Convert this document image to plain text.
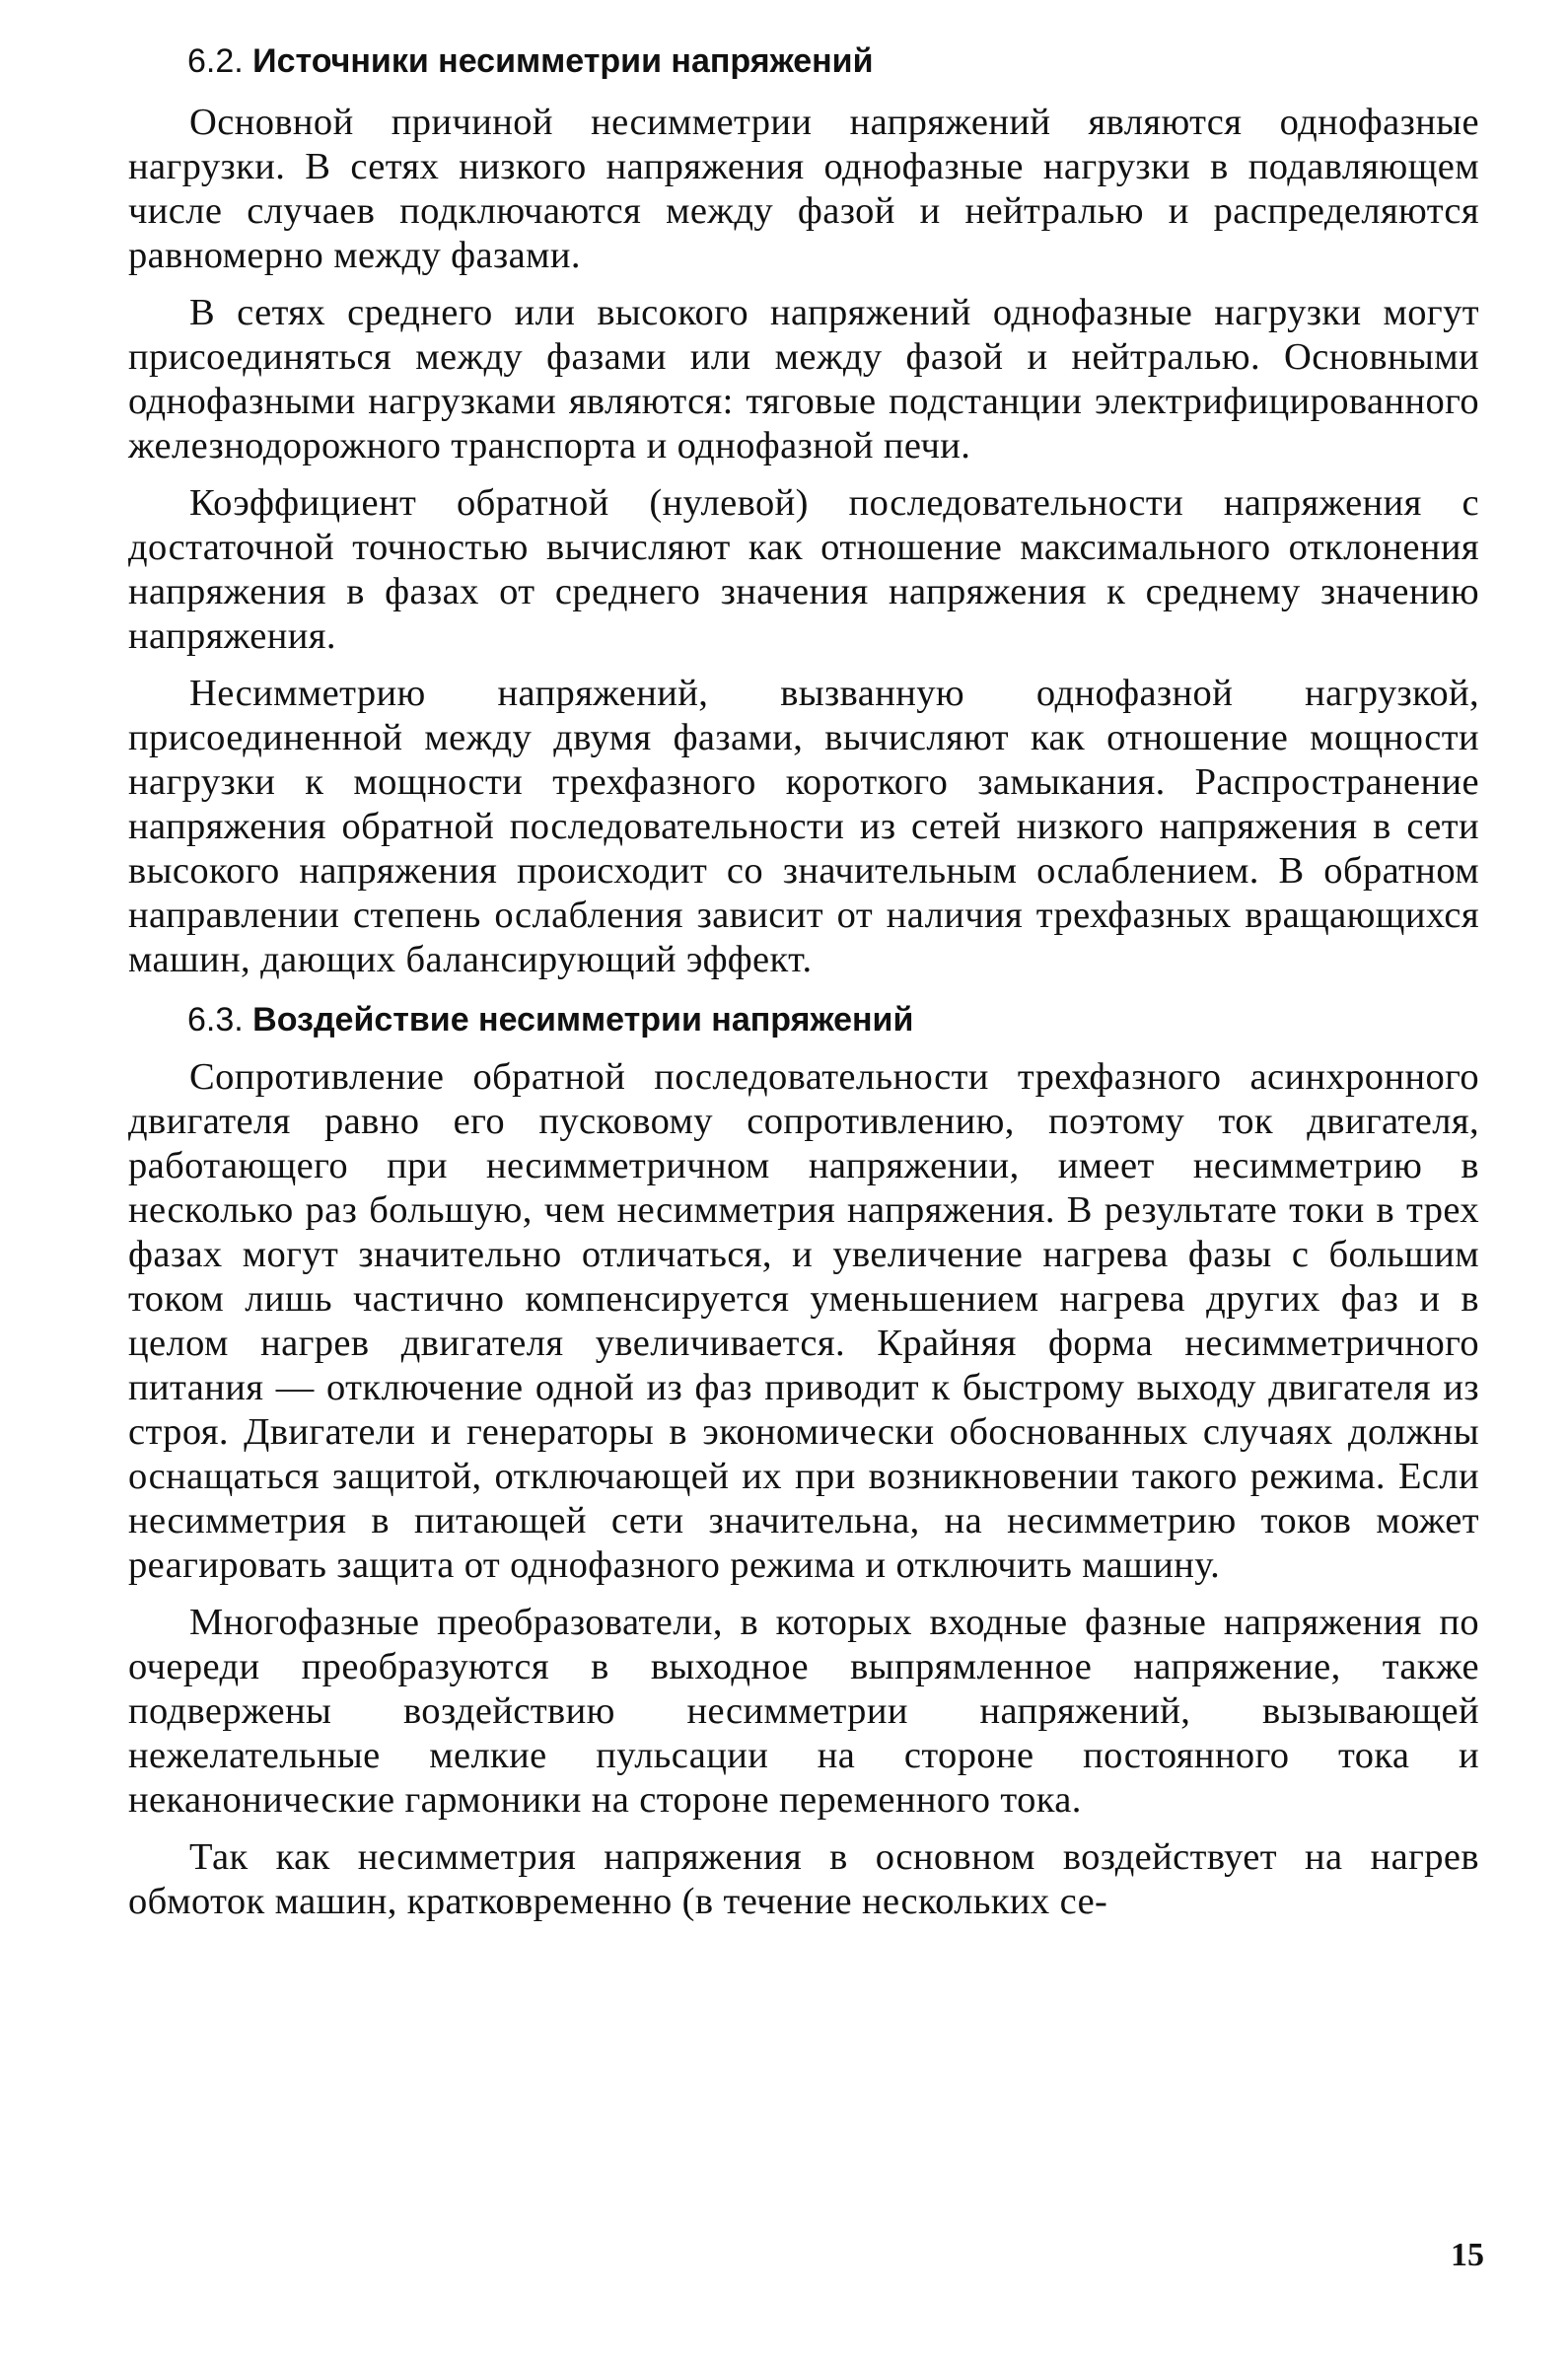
6.2. Источники несимметрии напряжений

Основной причиной несимметрии напряжений являются однофазные нагрузки. В сетях низкого напряжения однофазные нагрузки в подавляющем числе случаев подключаются между фазой и нейтралью и распределяются равномерно между фазами.

В сетях среднего или высокого напряжений однофазные нагрузки могут присоединяться между фазами или между фазой и нейтралью. Основными однофазными нагрузками являются: тяговые подстанции электрифицированного железнодорожного транспорта и однофазной печи.

Коэффициент обратной (нулевой) последовательности напряжения с достаточной точностью вычисляют как отношение максимального отклонения напряжения в фазах от среднего значения напряжения к среднему значению напряжения.

Несимметрию напряжений, вызванную однофазной нагрузкой, присоединенной между двумя фазами, вычисляют как отношение мощности нагрузки к мощности трехфазного короткого замыкания. Распространение напряжения обратной последовательности из сетей низкого напряжения в сети высокого напряжения происходит со значительным ослаблением. В обратном направлении степень ослабления зависит от наличия трехфазных вращающихся машин, дающих балансирующий эффект.

6.3. Воздействие несимметрии напряжений

Сопротивление обратной последовательности трехфазного асинхронного двигателя равно его пусковому сопротивлению, поэтому ток двигателя, работающего при несимметричном напряжении, имеет несимметрию в несколько раз большую, чем несимметрия напряжения. В результате токи в трех фазах могут значительно отличаться, и увеличение нагрева фазы с большим током лишь частично компенсируется уменьшением нагрева других фаз и в целом нагрев двигателя увеличивается. Крайняя форма несимметричного питания — отключение одной из фаз приводит к быстрому выходу двигателя из строя. Двигатели и генераторы в экономически обоснованных случаях должны оснащаться защитой, отключающей их при возникновении такого режима. Если несимметрия в питающей сети значительна, на несимметрию токов может реагировать защита от однофазного режима и отключить машину.

Многофазные преобразователи, в которых входные фазные напряжения по очереди преобразуются в выходное выпрямленное напряжение, также подвержены воздействию несимметрии напряжений, вызывающей нежелательные мелкие пульсации на стороне постоянного тока и неканонические гармоники на стороне переменного тока.

Так как несимметрия напряжения в основном воздействует на нагрев обмоток машин, кратковременно (в течение нескольких се-

15
